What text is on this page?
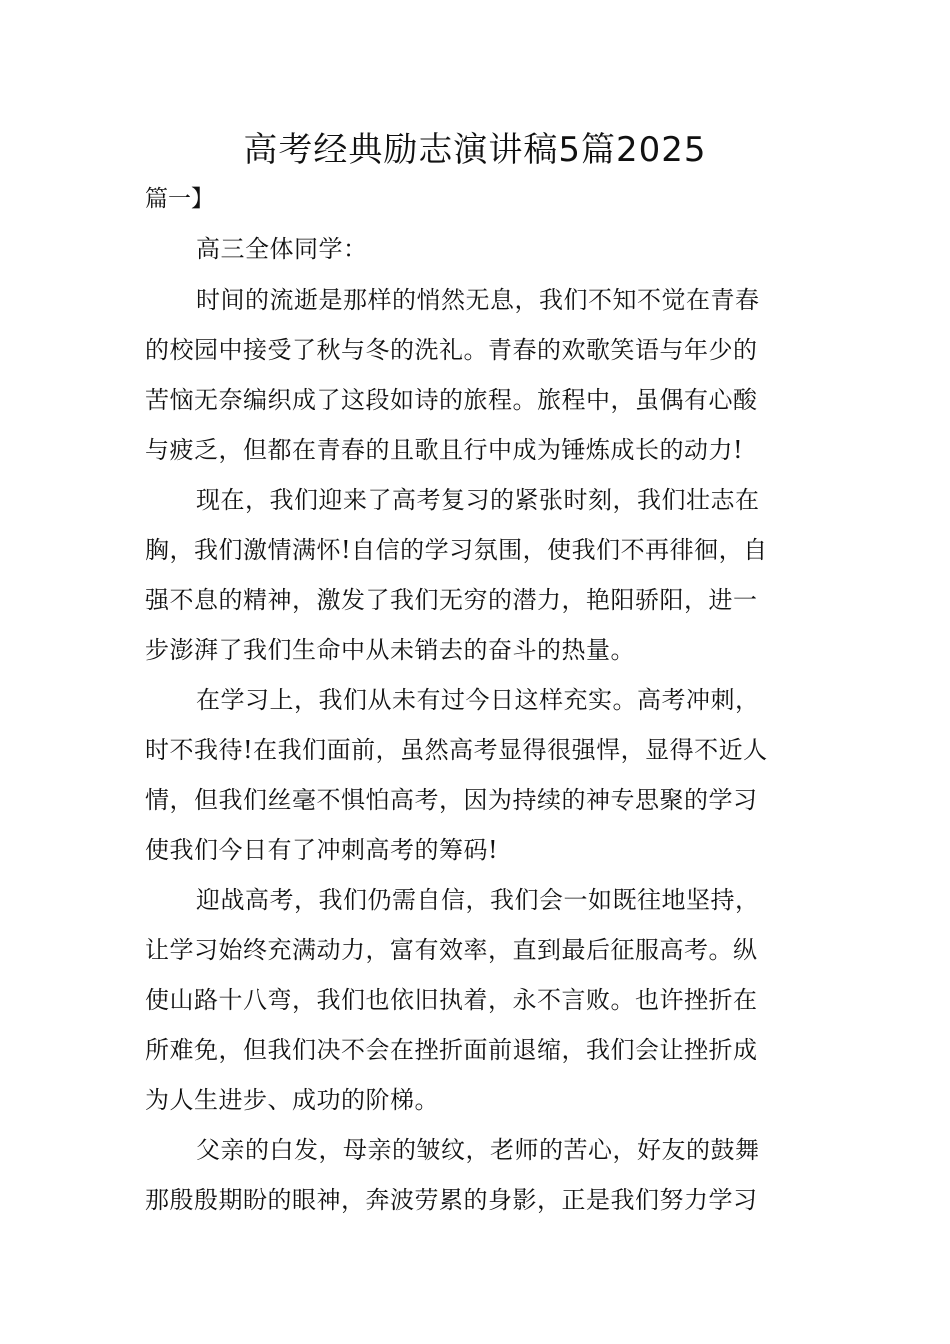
高考经典励志演讲稿5篇2025
篇一】
高三全体同学：
时间的流逝是那样的悄然无息，我们不知不觉在青春
的校园中接受了秋与冬的洗礼。青春的欢歌笑语与年少的
苦恼无奈编织成了这段如诗的旅程。旅程中，虽偶有心酸
与疲乏，但都在青春的且歌且行中成为锤炼成长的动力!
现在，我们迎来了高考复习的紧张时刻，我们壮志在
胸，我们激情满怀!自信的学习氛围，使我们不再徘徊，自
强不息的精神，激发了我们无穷的潜力，艳阳骄阳，进一
步澎湃了我们生命中从未销去的奋斗的热量。
在学习上，我们从未有过今日这样充实。高考冲刺，
时不我待!在我们面前，虽然高考显得很强悍，显得不近人
情，但我们丝毫不惧怕高考，因为持续的神专思聚的学习
使我们今日有了冲刺高考的筹码!
迎战高考，我们仍需自信，我们会一如既往地坚持，
让学习始终充满动力，富有效率，直到最后征服高考。纵
使山路十八弯，我们也依旧执着，永不言败。也许挫折在
所难免，但我们决不会在挫折面前退缩，我们会让挫折成
为人生进步、成功的阶梯。
父亲的白发，母亲的皱纹，老师的苦心，好友的鼓舞
那殷殷期盼的眼神，奔波劳累的身影，正是我们努力学习
